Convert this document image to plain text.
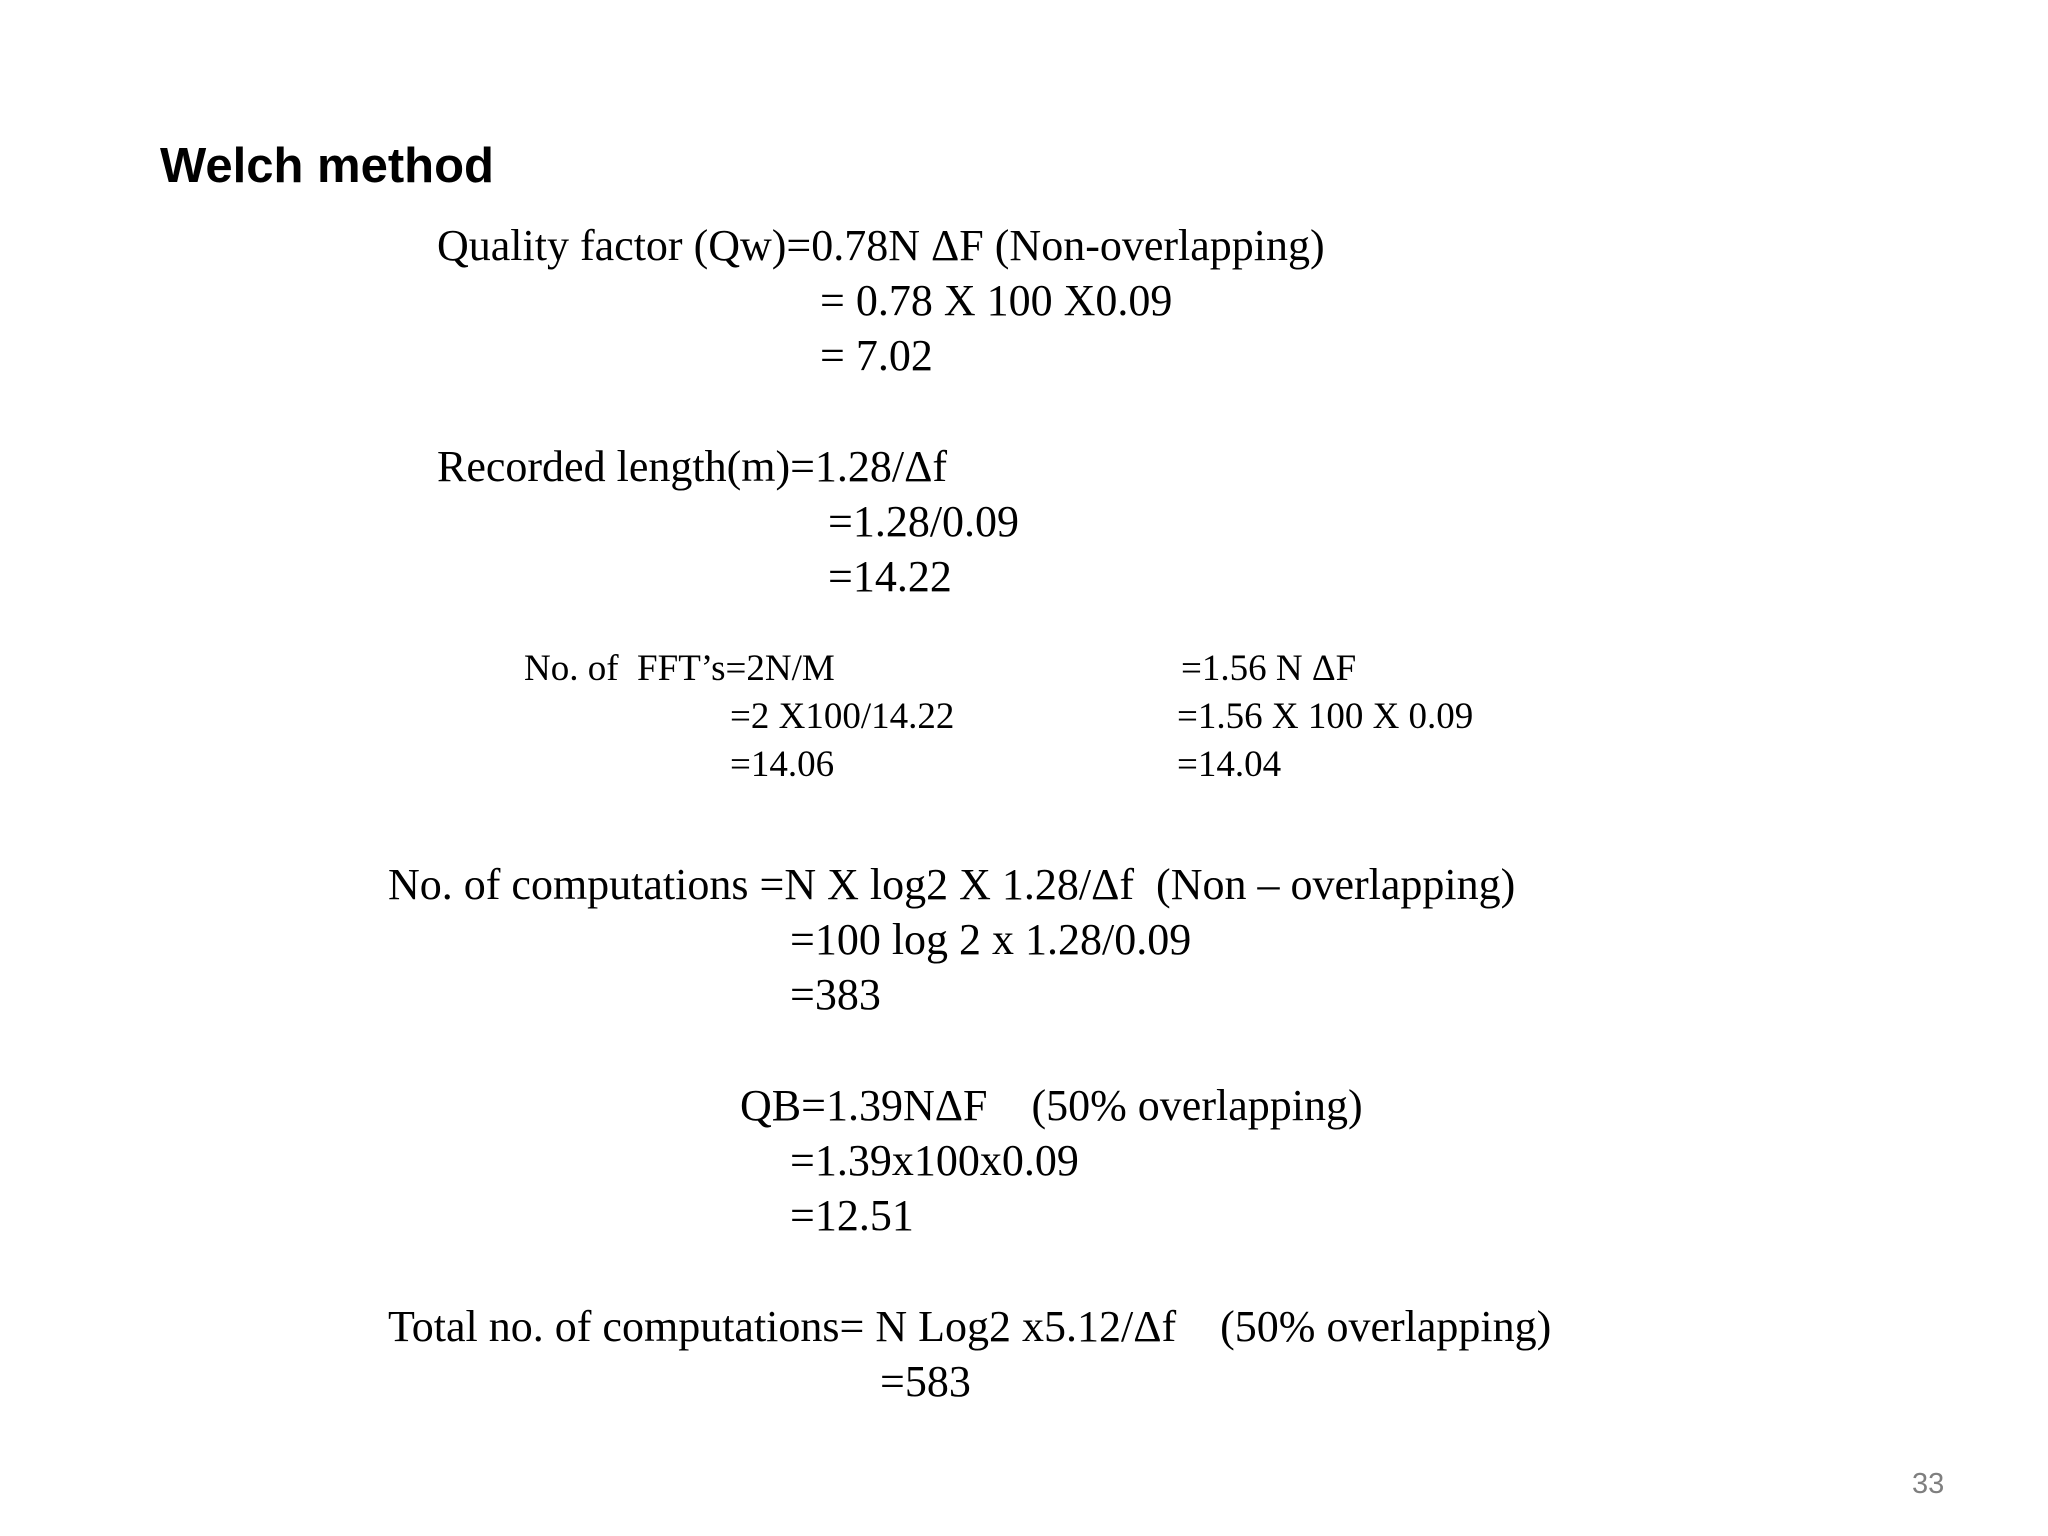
Welch method
Quality factor (Qw)=0.78N ΔF (Non-overlapping)
= 0.78 X 100 X0.09
= 7.02
Recorded length(m)=1.28/Δf
=1.28/0.09
=14.22
No. of  FFT’s=2N/M
=2 X100/14.22
=14.06
=1.56 N ΔF
=1.56 X 100 X 0.09
=14.04
No. of computations =N X log2 X 1.28/Δf  (Non – overlapping)
=100 log 2 x 1.28/0.09
=383
QB=1.39NΔF    (50% overlapping)
=1.39x100x0.09
=12.51
Total no. of computations= N Log2 x5.12/Δf    (50% overlapping)
=583
33
